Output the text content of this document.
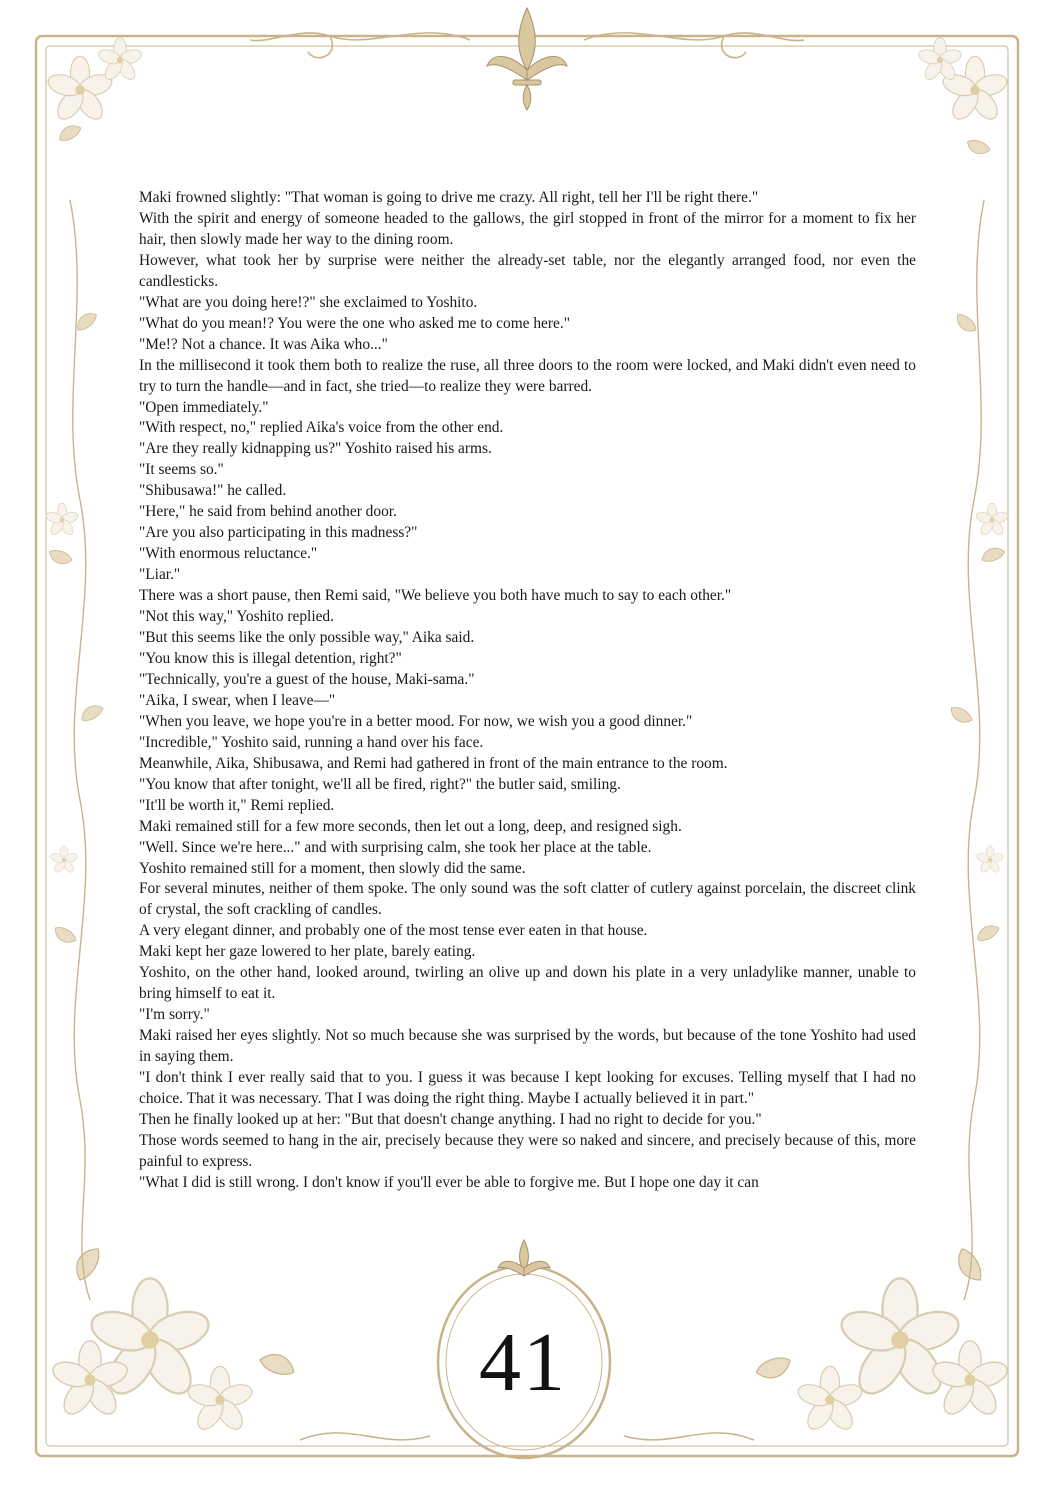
Maki frowned slightly: "That woman is going to drive me crazy. All right, tell her I'll be right there."

With the spirit and energy of someone headed to the gallows, the girl stopped in front of the mirror for a moment to fix her hair, then slowly made her way to the dining room.

However, what took her by surprise were neither the already-set table, nor the elegantly arranged food, nor even the candlesticks.

"What are you doing here!?" she exclaimed to Yoshito.

"What do you mean!? You were the one who asked me to come here."

"Me!? Not a chance. It was Aika who..."

In the millisecond it took them both to realize the ruse, all three doors to the room were locked, and Maki didn't even need to try to turn the handle—and in fact, she tried—to realize they were barred.

"Open immediately."

"With respect, no," replied Aika's voice from the other end.

"Are they really kidnapping us?" Yoshito raised his arms.

"It seems so."

"Shibusawa!" he called.

"Here," he said from behind another door.

"Are you also participating in this madness?"

"With enormous reluctance."

"Liar."

There was a short pause, then Remi said, "We believe you both have much to say to each other."

"Not this way," Yoshito replied.

"But this seems like the only possible way," Aika said.

"You know this is illegal detention, right?"

"Technically, you're a guest of the house, Maki-sama."

"Aika, I swear, when I leave—"

"When you leave, we hope you're in a better mood. For now, we wish you a good dinner."

"Incredible," Yoshito said, running a hand over his face.

Meanwhile, Aika, Shibusawa, and Remi had gathered in front of the main entrance to the room.

"You know that after tonight, we'll all be fired, right?" the butler said, smiling.

"It'll be worth it," Remi replied.

Maki remained still for a few more seconds, then let out a long, deep, and resigned sigh.

"Well. Since we're here..." and with surprising calm, she took her place at the table.

Yoshito remained still for a moment, then slowly did the same.

For several minutes, neither of them spoke. The only sound was the soft clatter of cutlery against porcelain, the discreet clink of crystal, the soft crackling of candles.

A very elegant dinner, and probably one of the most tense ever eaten in that house.

Maki kept her gaze lowered to her plate, barely eating.

Yoshito, on the other hand, looked around, twirling an olive up and down his plate in a very unladylike manner, unable to bring himself to eat it.

"I'm sorry."

Maki raised her eyes slightly. Not so much because she was surprised by the words, but because of the tone Yoshito had used in saying them.

"I don't think I ever really said that to you. I guess it was because I kept looking for excuses. Telling myself that I had no choice. That it was necessary. That I was doing the right thing. Maybe I actually believed it in part."

Then he finally looked up at her: "But that doesn't change anything. I had no right to decide for you."

Those words seemed to hang in the air, precisely because they were so naked and sincere, and precisely because of this, more painful to express.

"What I did is still wrong. I don't know if you'll ever be able to forgive me. But I hope one day it can

41
